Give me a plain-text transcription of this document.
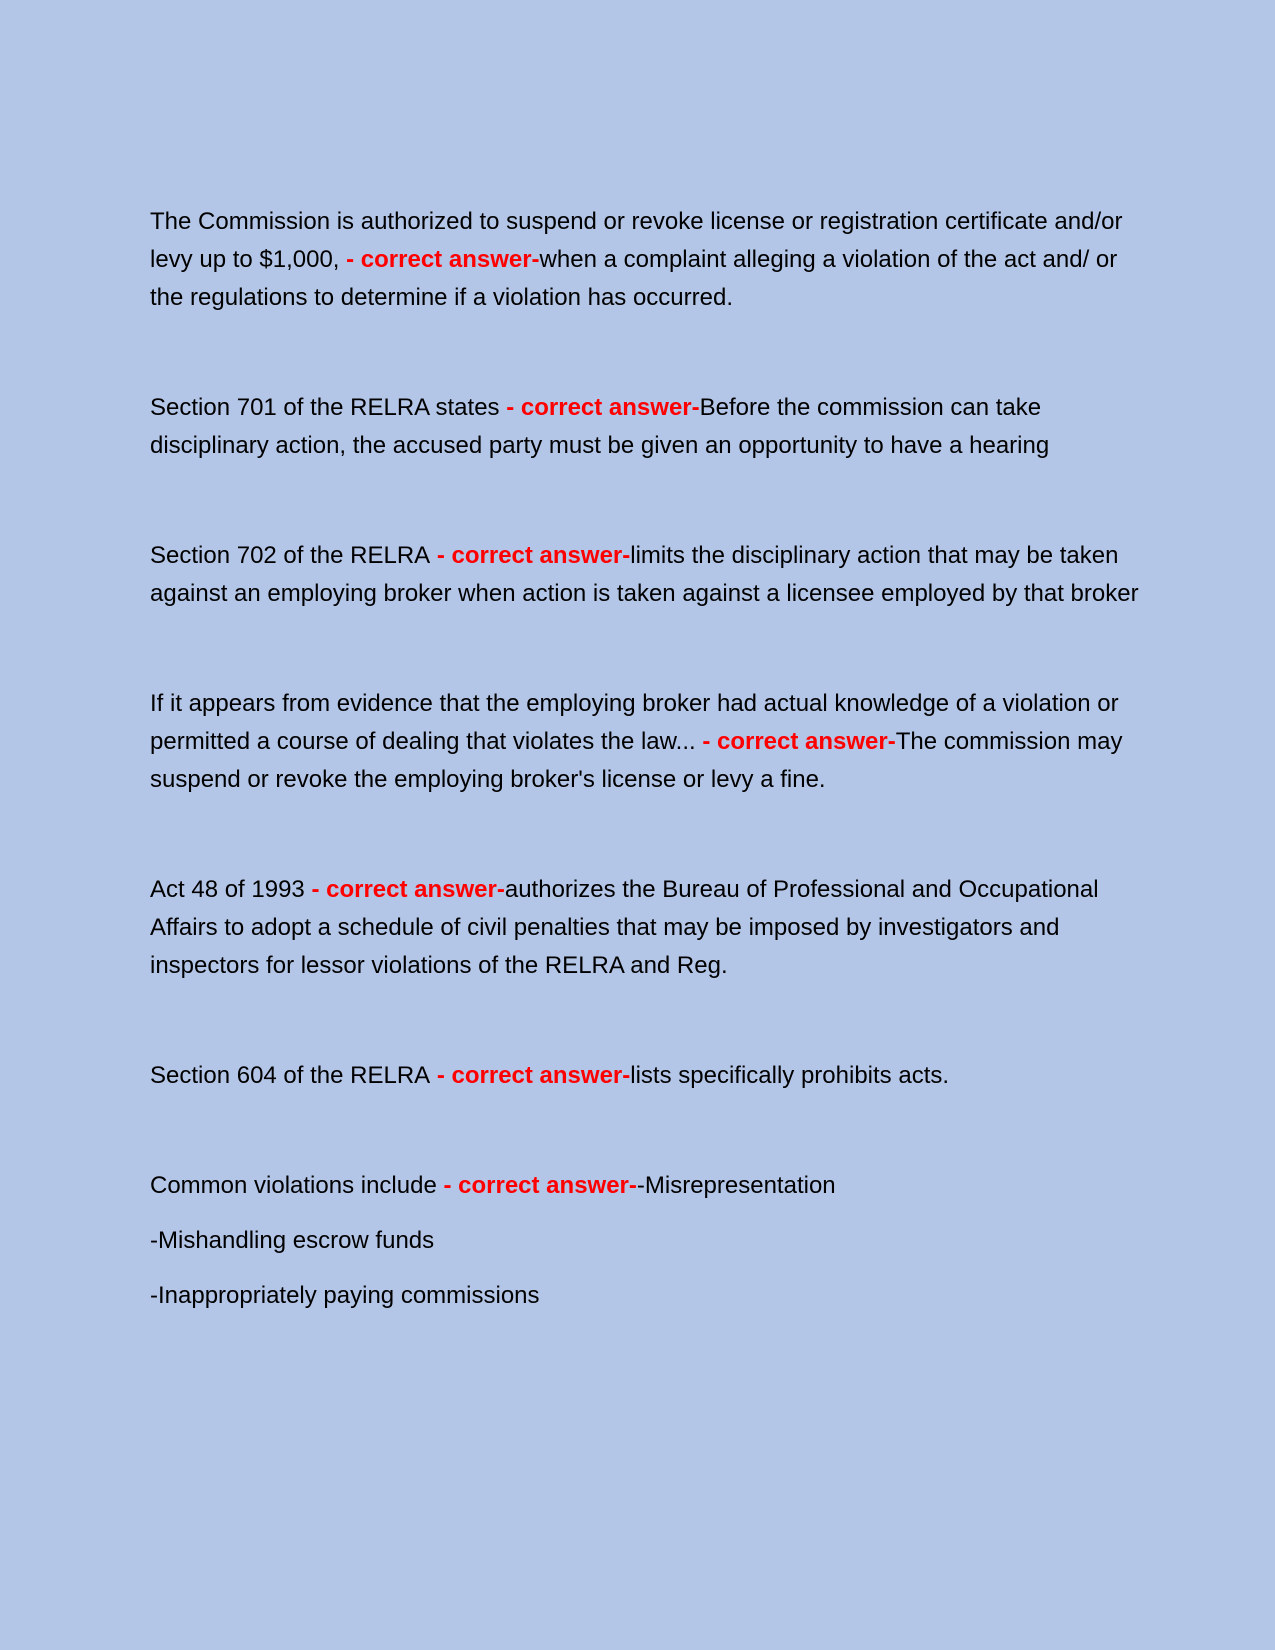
The Commission is authorized to suspend or revoke license or registration certificate and/or levy up to $1,000, - correct answer-when a complaint alleging a violation of the act and/ or the regulations to determine if a violation has occurred.

Section 701 of the RELRA states - correct answer-Before the commission can take disciplinary action, the accused party must be given an opportunity to have a hearing

Section 702 of the RELRA - correct answer-limits the disciplinary action that may be taken against an employing broker when action is taken against a licensee employed by that broker

If it appears from evidence that the employing broker had actual knowledge of a violation or permitted a course of dealing that violates the law... - correct answer-The commission may suspend or revoke the employing broker's license or levy a fine.

Act 48 of 1993 - correct answer-authorizes the Bureau of Professional and Occupational Affairs to adopt a schedule of civil penalties that may be imposed by investigators and inspectors for lessor violations of the RELRA and Reg.

Section 604 of the RELRA - correct answer-lists specifically prohibits acts.

Common violations include - correct answer--Misrepresentation

-Mishandling escrow funds

-Inappropriately paying commissions
